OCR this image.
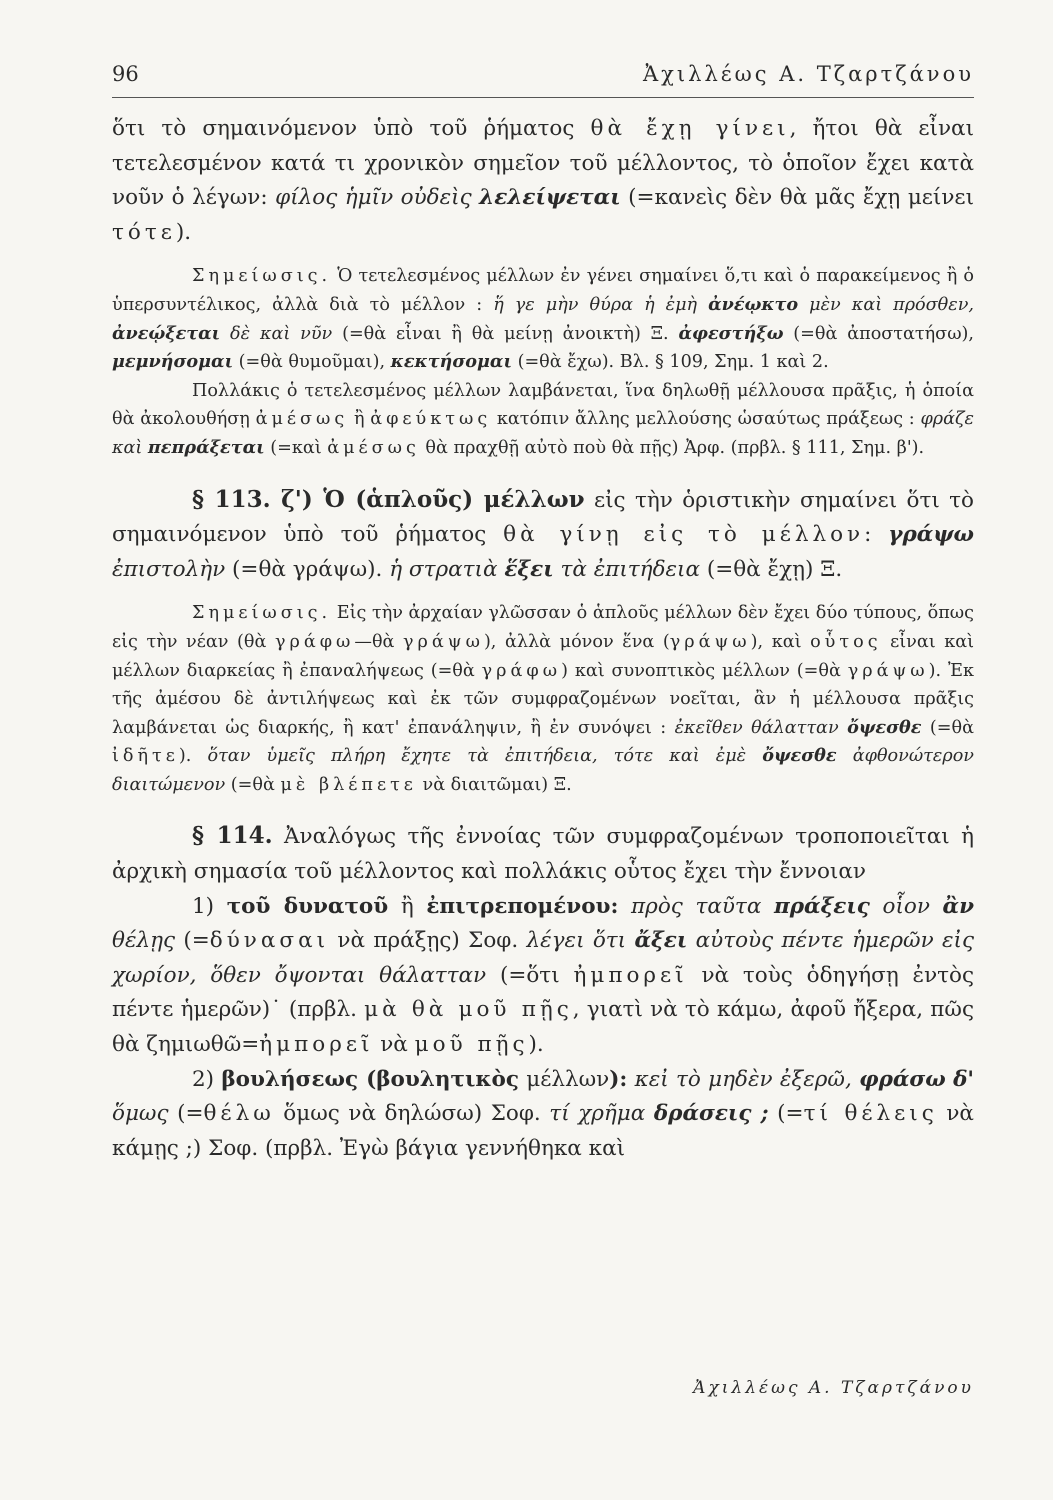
96	Ἀχιλλέως Α. Τζαρτζάνου

ὅτι τὸ σημαινόμενον ὑπὸ τοῦ ῥήματος θὰ ἔχῃ γίνει, ἤτοι θὰ εἶναι τετελεσμένον κατά τι χρονικὸν σημεῖον τοῦ μέλλοντος, τὸ ὁποῖον ἔχει κατὰ νοῦν ὁ λέγων: φίλος ἡμῖν οὐδεὶς λελείψεται (=κανεὶς δὲν θὰ μᾶς ἔχῃ μείνει τότε).

Σημείωσις. Ὁ τετελεσμένος μέλλων ἐν γένει σημαίνει ὅ,τι καὶ ὁ παρακείμενος ἢ ὁ ὑπερσυντέλικος, ἀλλὰ διὰ τὸ μέλλον : ἥ γε μὴν θύρα ἡ ἐμὴ ἀνέῳκτο μὲν καὶ πρόσθεν, ἀνεῴξεται δὲ καὶ νῦν (=θὰ εἶναι ἢ θὰ μείνῃ ἀνοικτὴ) Ξ. ἀφεστήξω (=θὰ ἀποστατήσω), μεμνήσομαι (=θὰ θυμοῦμαι), κεκτήσομαι (=θὰ ἔχω). Βλ. § 109, Σημ. 1 καὶ 2.

Πολλάκις ὁ τετελεσμένος μέλλων λαμβάνεται, ἵνα δηλωθῇ μέλλουσα πρᾶξις, ἡ ὁποία θὰ ἀκολουθήσῃ ἀμέσως ἢ ἀφεύκτως κατόπιν ἄλλης μελλούσης ὡσαύτως πράξεως : φράζε καὶ πεπράξεται (=καὶ ἀμέσως θὰ πραχθῇ αὐτὸ ποὺ θὰ πῇς) Ἀρφ. (πρβλ. § 111, Σημ. β').

§ 113. ζ') Ὁ (ἁπλοῦς) μέλλων εἰς τὴν ὁριστικὴν σημαίνει ὅτι τὸ σημαινόμενον ὑπὸ τοῦ ῥήματος θὰ γίνῃ εἰς τὸ μέλλον: γράψω ἐπιστολὴν (=θὰ γράψω). ἡ στρατιὰ ἕξει τὰ ἐπιτήδεια (=θὰ ἔχῃ) Ξ.

Σημείωσις. Εἰς τὴν ἀρχαίαν γλῶσσαν ὁ ἁπλοῦς μέλλων δὲν ἔχει δύο τύπους, ὅπως εἰς τὴν νέαν (θὰ γράφω—θὰ γράψω), ἀλλὰ μόνον ἕνα (γράψω), καὶ οὗτος εἶναι καὶ μέλλων διαρκείας ἢ ἐπαναλήψεως (=θὰ γράφω) καὶ συνοπτικὸς μέλλων (=θὰ γράψω). Ἐκ τῆς ἀμέσου δὲ ἀντιλήψεως καὶ ἐκ τῶν συμφραζομένων νοεῖται, ἂν ἡ μέλλουσα πρᾶξις λαμβάνεται ὡς διαρκής, ἢ κατ' ἐπανάληψιν, ἢ ἐν συνόψει : ἐκεῖθεν θάλατταν ὄψεσθε (=θὰ ἰδῆτε). ὅταν ὑμεῖς πλήρη ἔχητε τὰ ἐπιτήδεια, τότε καὶ ἐμὲ ὄψεσθε ἀφθονώτερον διαιτώμενον (=θὰ μὲ βλέπετε νὰ διαιτῶμαι) Ξ.

§ 114. Ἀναλόγως τῆς ἐννοίας τῶν συμφραζομένων τροποποιεῖται ἡ ἀρχικὴ σημασία τοῦ μέλλοντος καὶ πολλάκις οὗτος ἔχει τὴν ἔννοιαν

1) τοῦ δυνατοῦ ἢ ἐπιτρεπομένου: πρὸς ταῦτα πράξεις οἷον ἂν θέλῃς (=δύνασαι νὰ πράξῃς) Σοφ. λέγει ὅτι ἄξει αὐτοὺς πέντε ἡμερῶν εἰς χωρίον, ὅθεν ὄψονται θάλατταν (=ὅτι ἠμπορεῖ νὰ τοὺς ὁδηγήσῃ ἐντὸς πέντε ἡμερῶν)˙ (πρβλ. μὰ θὰ μοῦ πῇς, γιατὶ νὰ τὸ κάμω, ἀφοῦ ἤξερα, πῶς θὰ ζημιωθῶ=ἠμπορεῖ νὰ μοῦ πῇς).

2) βουλήσεως (βουλητικὸς μέλλων): κεἰ τὸ μηδὲν ἐξερῶ, φράσω δ' ὅμως (=θέλω ὅμως νὰ δηλώσω) Σοφ. τί χρῆμα δράσεις ; (=τί θέλεις νὰ κάμῃς ;) Σοφ. (πρβλ. Ἐγὼ βάγια γεννήθηκα καὶ

Ἀχιλλέως Α. Τζαρτζάνου
